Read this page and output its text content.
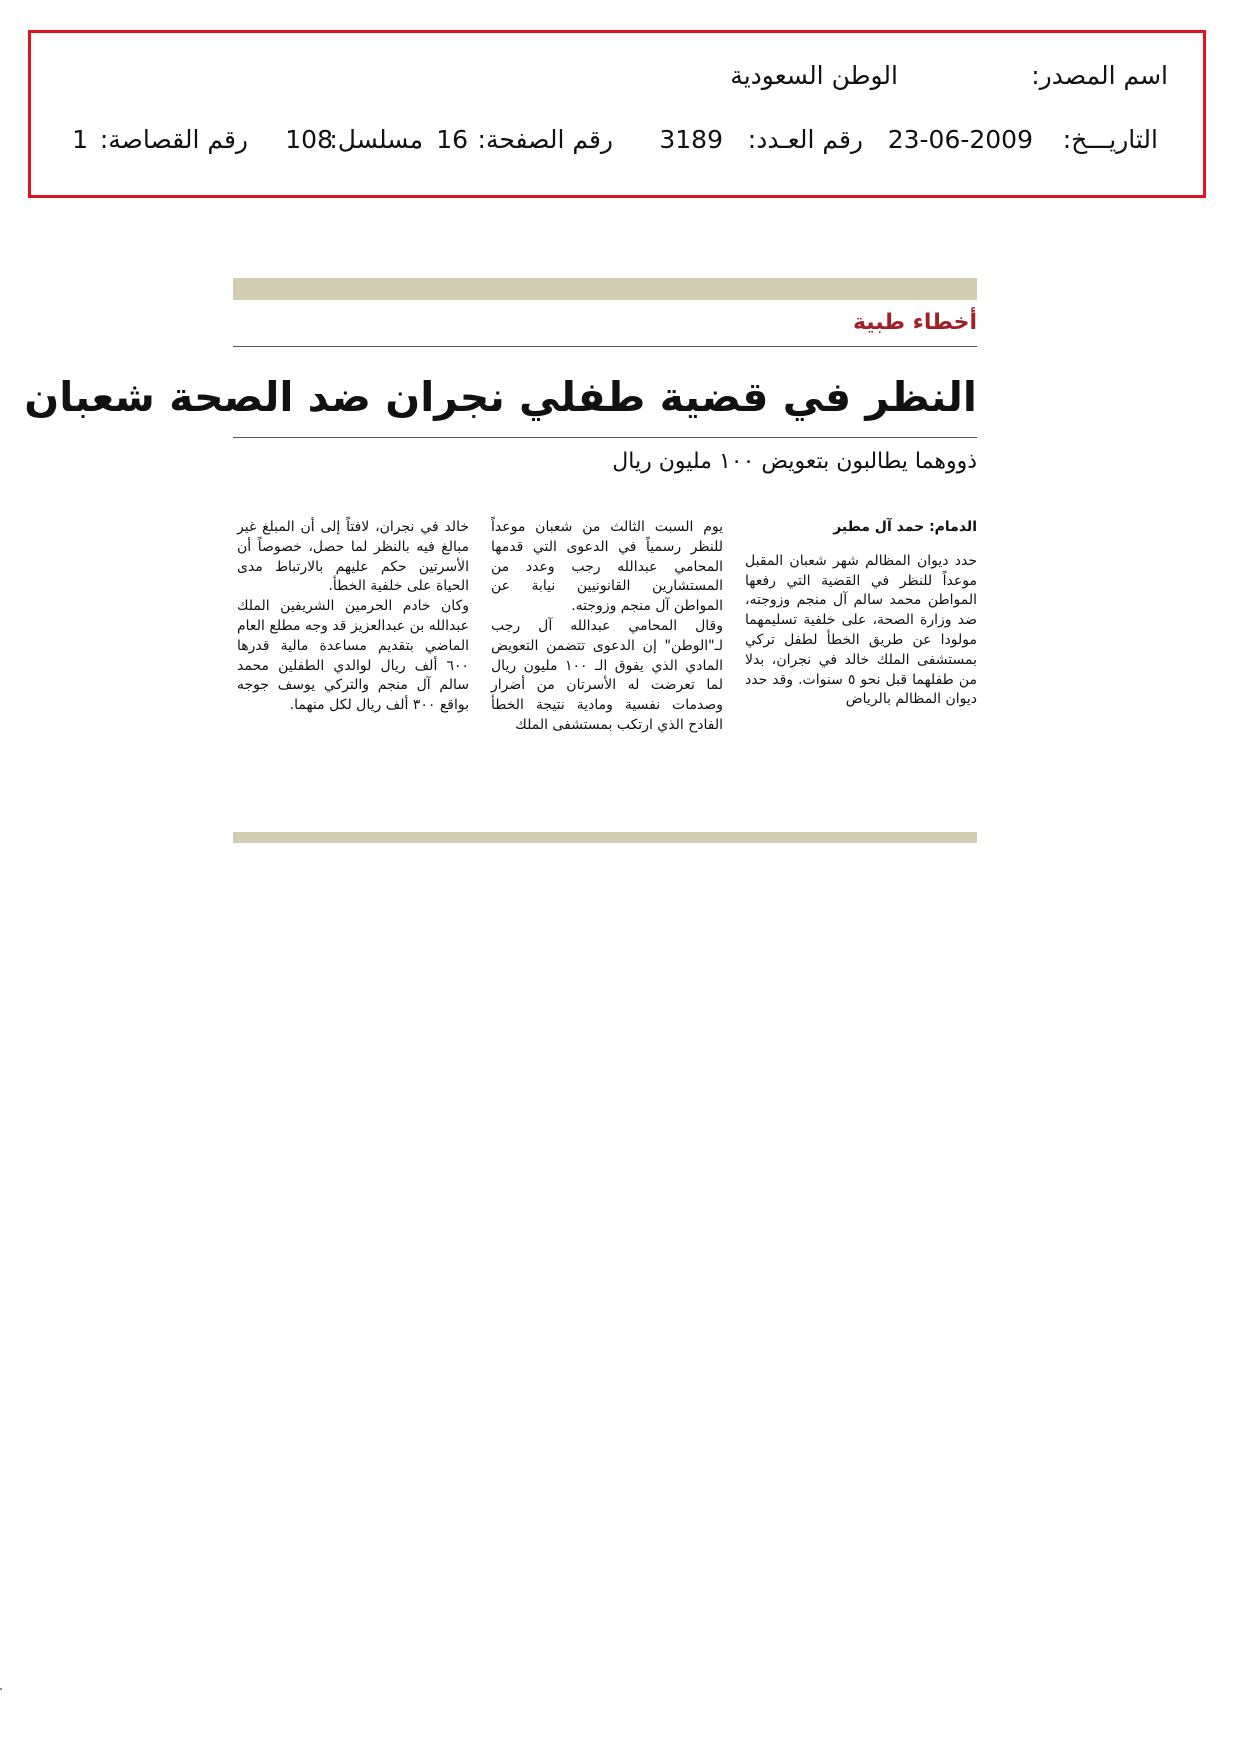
اسم المصدر:
الوطن السعودية
التاريـــخ:
23-06-2009
رقم العـدد:
3189
رقم الصفحة:
16
مسلسل:
108
رقم القصاصة:
1
أخطاء طبية
النظر في قضية طفلي نجران ضد الصحة شعبان
ذووهما يطالبون بتعويض ١٠٠ مليون ريال
الدمام: حمد آل مطير

حدد ديوان المظالم شهر شعبان المقبل موعداً للنظر في القضية التي رفعها المواطن محمد سالم آل منجم وزوجته، ضد وزارة الصحة، على خلفية تسليمهما مولودا عن طريق الخطأ لطفل تركي بمستشفى الملك خالد في نجران، بدلا من طفلهما قبل نحو ٥ سنوات. وقد حدد ديوان المظالم بالرياض

يوم السبت الثالث من شعبان موعداً للنظر رسمياً في الدعوى التي قدمها المحامي عبدالله رجب وعدد من المستشارين القانونيين نيابة عن المواطن آل منجم وزوجته.

وقال المحامي عبدالله آل رجب لـ"الوطن" إن الدعوى تتضمن التعويض المادي الذي يفوق الـ ١٠٠ مليون ريال لما تعرضت له الأسرتان من أضرار وصدمات نفسية ومادية نتيجة الخطأ الفادح الذي ارتكب بمستشفى الملك

خالد في نجران، لافتاً إلى أن المبلغ غير مبالغ فيه بالنظر لما حصل، خصوصاً أن الأسرتين حكم عليهم بالارتباط مدى الحياة على خلفية الخطأ.

وكان خادم الحرمين الشريفين الملك عبدالله بن عبدالعزيز قد وجه مطلع العام الماضي بتقديم مساعدة مالية قدرها ٦٠٠ ألف ريال لوالدي الطفلين محمد سالم آل منجم والتركي يوسف جوجه بواقع ٣٠٠ ألف ريال لكل منهما.
